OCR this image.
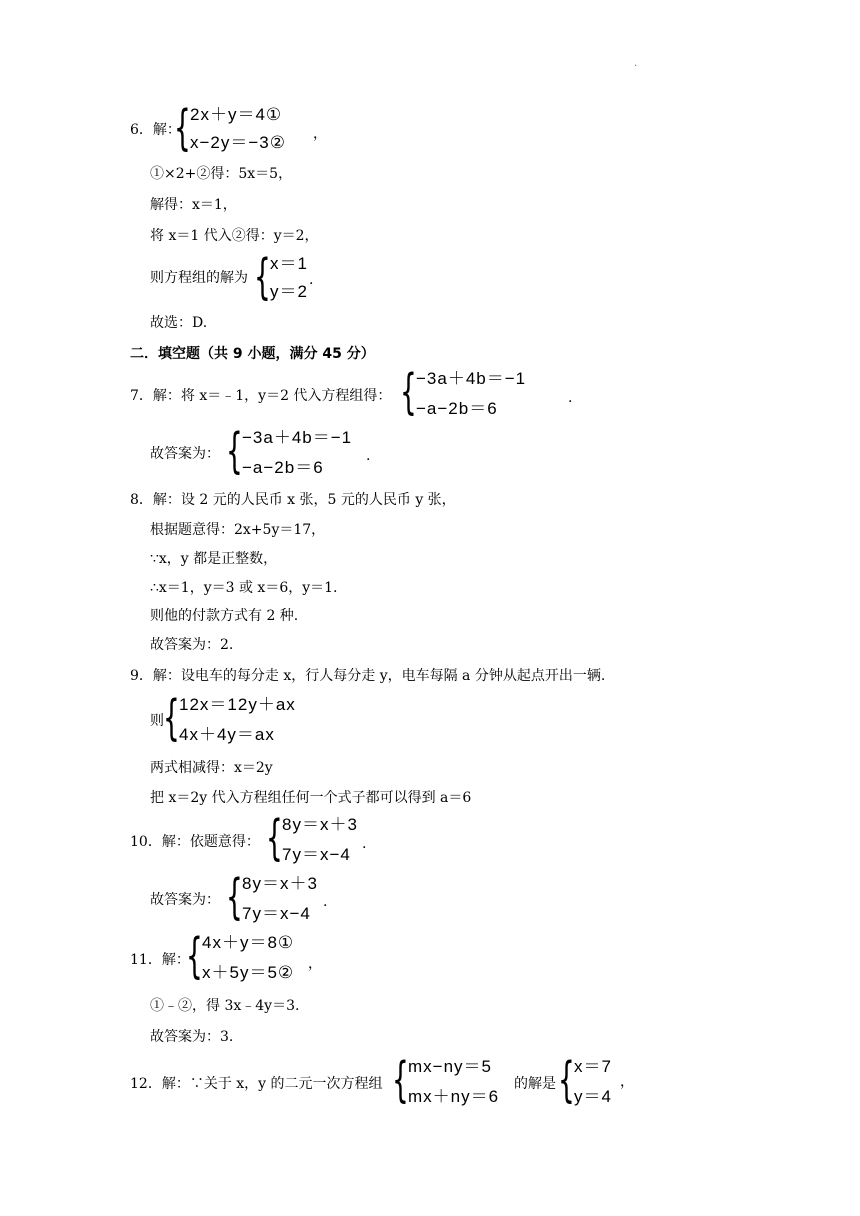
.
6．解：
{ 2x＋y＝4①
x−2y＝−3② ，
①×2+②得：5x＝5，
解得：x＝1，
将 x＝1 代入②得：y＝2，
则方程组的解为 { x＝1
y＝2
.
故选：D.
二．填空题（共 9 小题，满分 45 分）
7．解：将 x＝﹣1，y＝2 代入方程组得： { −3a＋4b＝−1
−a−2b＝6
.
故答案为： { −3a＋4b＝−1
−a−2b＝6
.
8．解：设 2 元的人民币 x 张，5 元的人民币 y 张，
根据题意得：2x+5y＝17，
∵x，y 都是正整数，
∴x＝1，y＝3 或 x＝6，y＝1.
则他的付款方式有 2 种.
故答案为：2.
9．解：设电车的每分走 x，行人每分走 y，电车每隔 a 分钟从起点开出一辆.
则 { 12x＝12y＋ax
4x＋4y＝ax
两式相减得：x＝2y
把 x＝2y 代入方程组任何一个式子都可以得到 a＝6
10．解：依题意得： { 8y＝x＋3
7y＝x−4
.
故答案为： { 8y＝x＋3
7y＝x−4
.
11．解：
{ 4x＋y＝8①
x＋5y＝5② ，
①﹣②，得 3x﹣4y＝3.
故答案为：3.
12．解：∵关于 x，y 的二元一次方程组 { mx−ny＝5
mx＋ny＝6
的解是 { x＝7
y＝4
，
